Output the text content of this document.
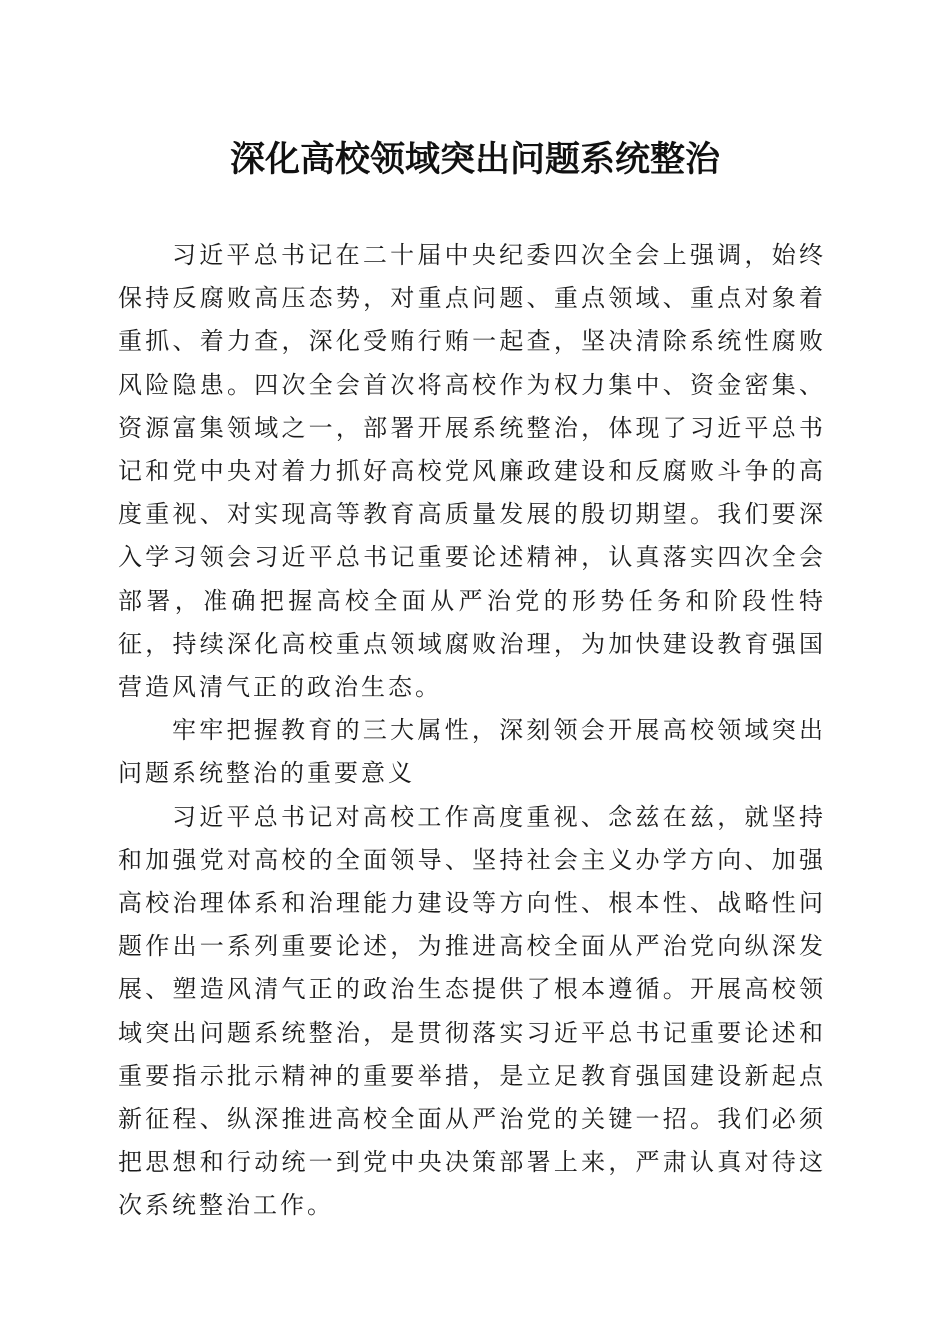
深化高校领域突出问题系统整治

习近平总书记在二十届中央纪委四次全会上强调，始终保持反腐败高压态势，对重点问题、重点领域、重点对象着重抓、着力查，深化受贿行贿一起查，坚决清除系统性腐败风险隐患。四次全会首次将高校作为权力集中、资金密集、资源富集领域之一，部署开展系统整治，体现了习近平总书记和党中央对着力抓好高校党风廉政建设和反腐败斗争的高度重视、对实现高等教育高质量发展的殷切期望。我们要深入学习领会习近平总书记重要论述精神，认真落实四次全会部署，准确把握高校全面从严治党的形势任务和阶段性特征，持续深化高校重点领域腐败治理，为加快建设教育强国营造风清气正的政治生态。

牢牢把握教育的三大属性，深刻领会开展高校领域突出问题系统整治的重要意义

习近平总书记对高校工作高度重视、念兹在兹，就坚持和加强党对高校的全面领导、坚持社会主义办学方向、加强高校治理体系和治理能力建设等方向性、根本性、战略性问题作出一系列重要论述，为推进高校全面从严治党向纵深发展、塑造风清气正的政治生态提供了根本遵循。开展高校领域突出问题系统整治，是贯彻落实习近平总书记重要论述和重要指示批示精神的重要举措，是立足教育强国建设新起点新征程、纵深推进高校全面从严治党的关键一招。我们必须把思想和行动统一到党中央决策部署上来，严肃认真对待这次系统整治工作。
